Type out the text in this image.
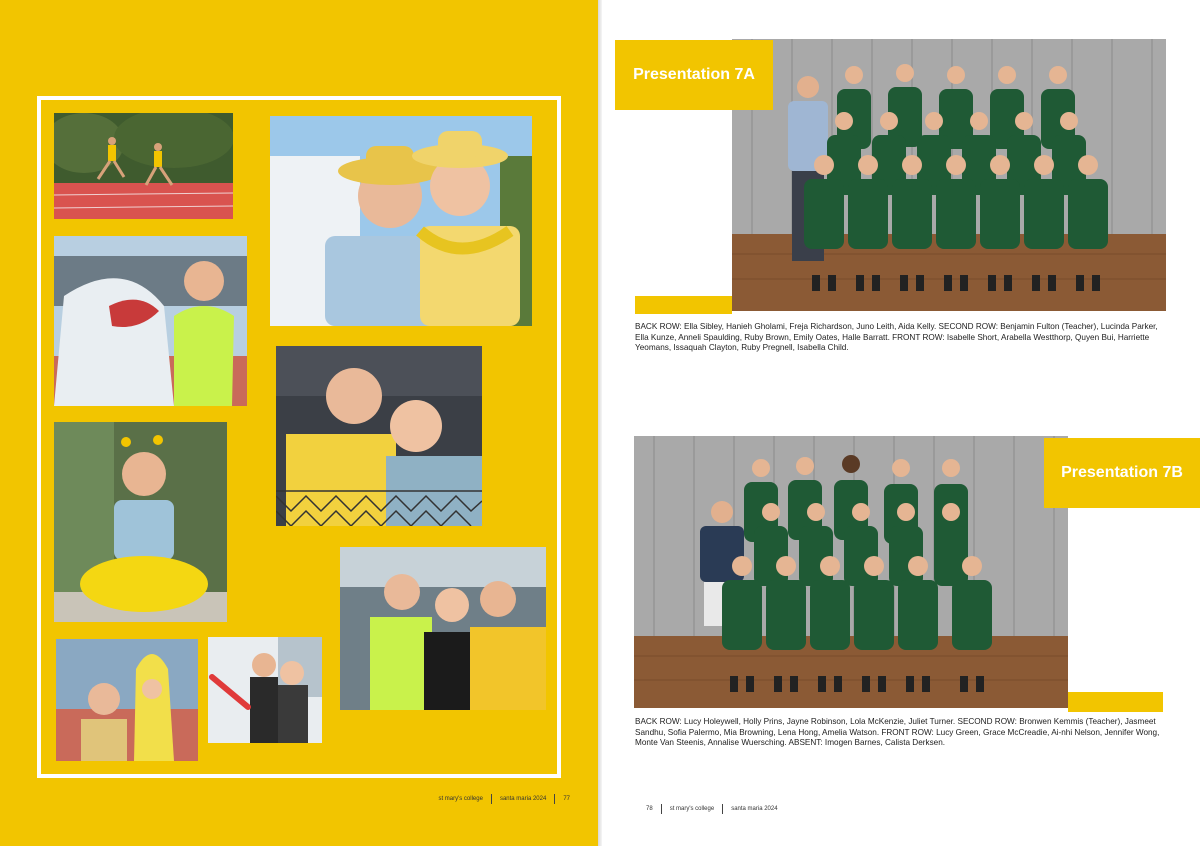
st mary's college	santa maria 2024	77
Presentation 7A
BACK ROW: Ella Sibley, Hanieh Gholami, Freja Richardson, Juno Leith, Aida Kelly. SECOND ROW: Benjamin Fulton (Teacher), Lucinda Parker, Ella Kunze, Anneli Spaulding, Ruby Brown, Emily Oates, Halle Barratt. FRONT ROW: Isabelle Short, Arabella Westthorp, Quyen Bui, Harriette Yeomans, Issaquah Clayton, Ruby Pregnell, Isabella Child.
Presentation 7B
BACK ROW: Lucy Holeywell, Holly Prins, Jayne Robinson, Lola McKenzie, Juliet Turner. SECOND ROW: Bronwen Kemmis (Teacher), Jasmeet Sandhu, Sofia Palermo, Mia Browning, Lena Hong, Amelia Watson. FRONT ROW: Lucy Green, Grace McCreadie, Ai-nhi Nelson, Jennifer Wong, Monte Van Steenis, Annalise Wuersching. ABSENT: Imogen Barnes, Calista Derksen.
78	st mary's college	santa maria 2024
